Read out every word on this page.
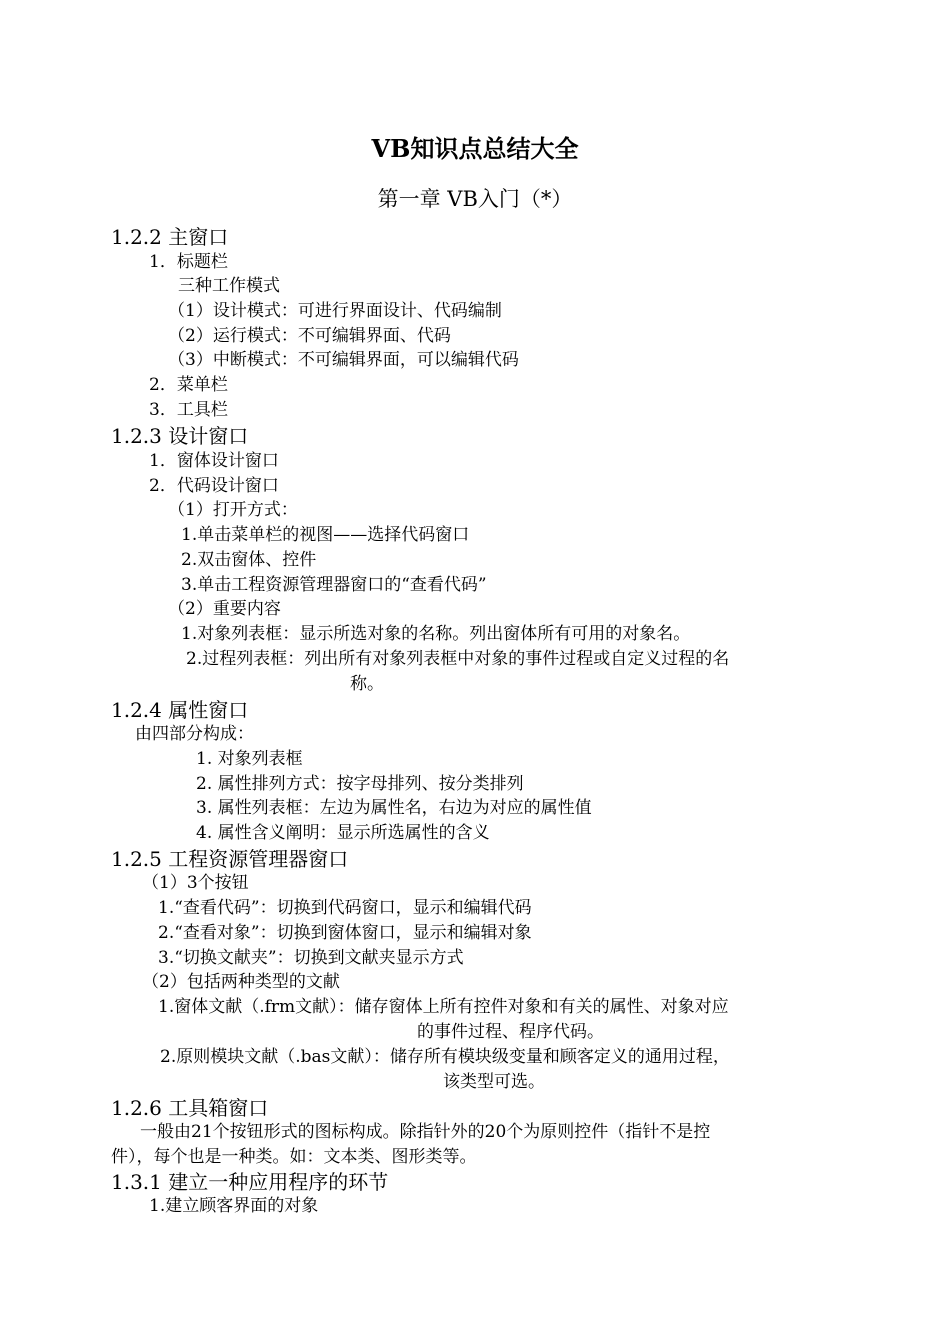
VB知识点总结大全
第一章 VB入门（*）
1.2.2 主窗口
1．标题栏
三种工作模式
（1）设计模式：可进行界面设计、代码编制
（2）运行模式：不可编辑界面、代码
（3）中断模式：不可编辑界面，可以编辑代码
2．菜单栏
3．工具栏
1.2.3 设计窗口
1．窗体设计窗口
2．代码设计窗口
（1）打开方式：
1.单击菜单栏的视图——选择代码窗口
2.双击窗体、控件
3.单击工程资源管理器窗口的“查看代码”
（2）重要内容
1.对象列表框：显示所选对象的名称。列出窗体所有可用的对象名。
2.过程列表框：列出所有对象列表框中对象的事件过程或自定义过程的名
称。
1.2.4 属性窗口
由四部分构成：
1. 对象列表框
2. 属性排列方式：按字母排列、按分类排列
3. 属性列表框：左边为属性名，右边为对应的属性值
4. 属性含义阐明：显示所选属性的含义
1.2.5 工程资源管理器窗口
（1）3个按钮
1.“查看代码”：切换到代码窗口，显示和编辑代码
2.“查看对象”：切换到窗体窗口，显示和编辑对象
3.“切换文献夹”：切换到文献夹显示方式
（2）包括两种类型的文献
1.窗体文献（.frm文献）：储存窗体上所有控件对象和有关的属性、对象对应
的事件过程、程序代码。
2.原则模块文献（.bas文献）：储存所有模块级变量和顾客定义的通用过程，
该类型可选。
1.2.6 工具箱窗口
一般由21个按钮形式的图标构成。除指针外的20个为原则控件（指针不是控
件），每个也是一种类。如：文本类、图形类等。
1.3.1 建立一种应用程序的环节
1.建立顾客界面的对象
